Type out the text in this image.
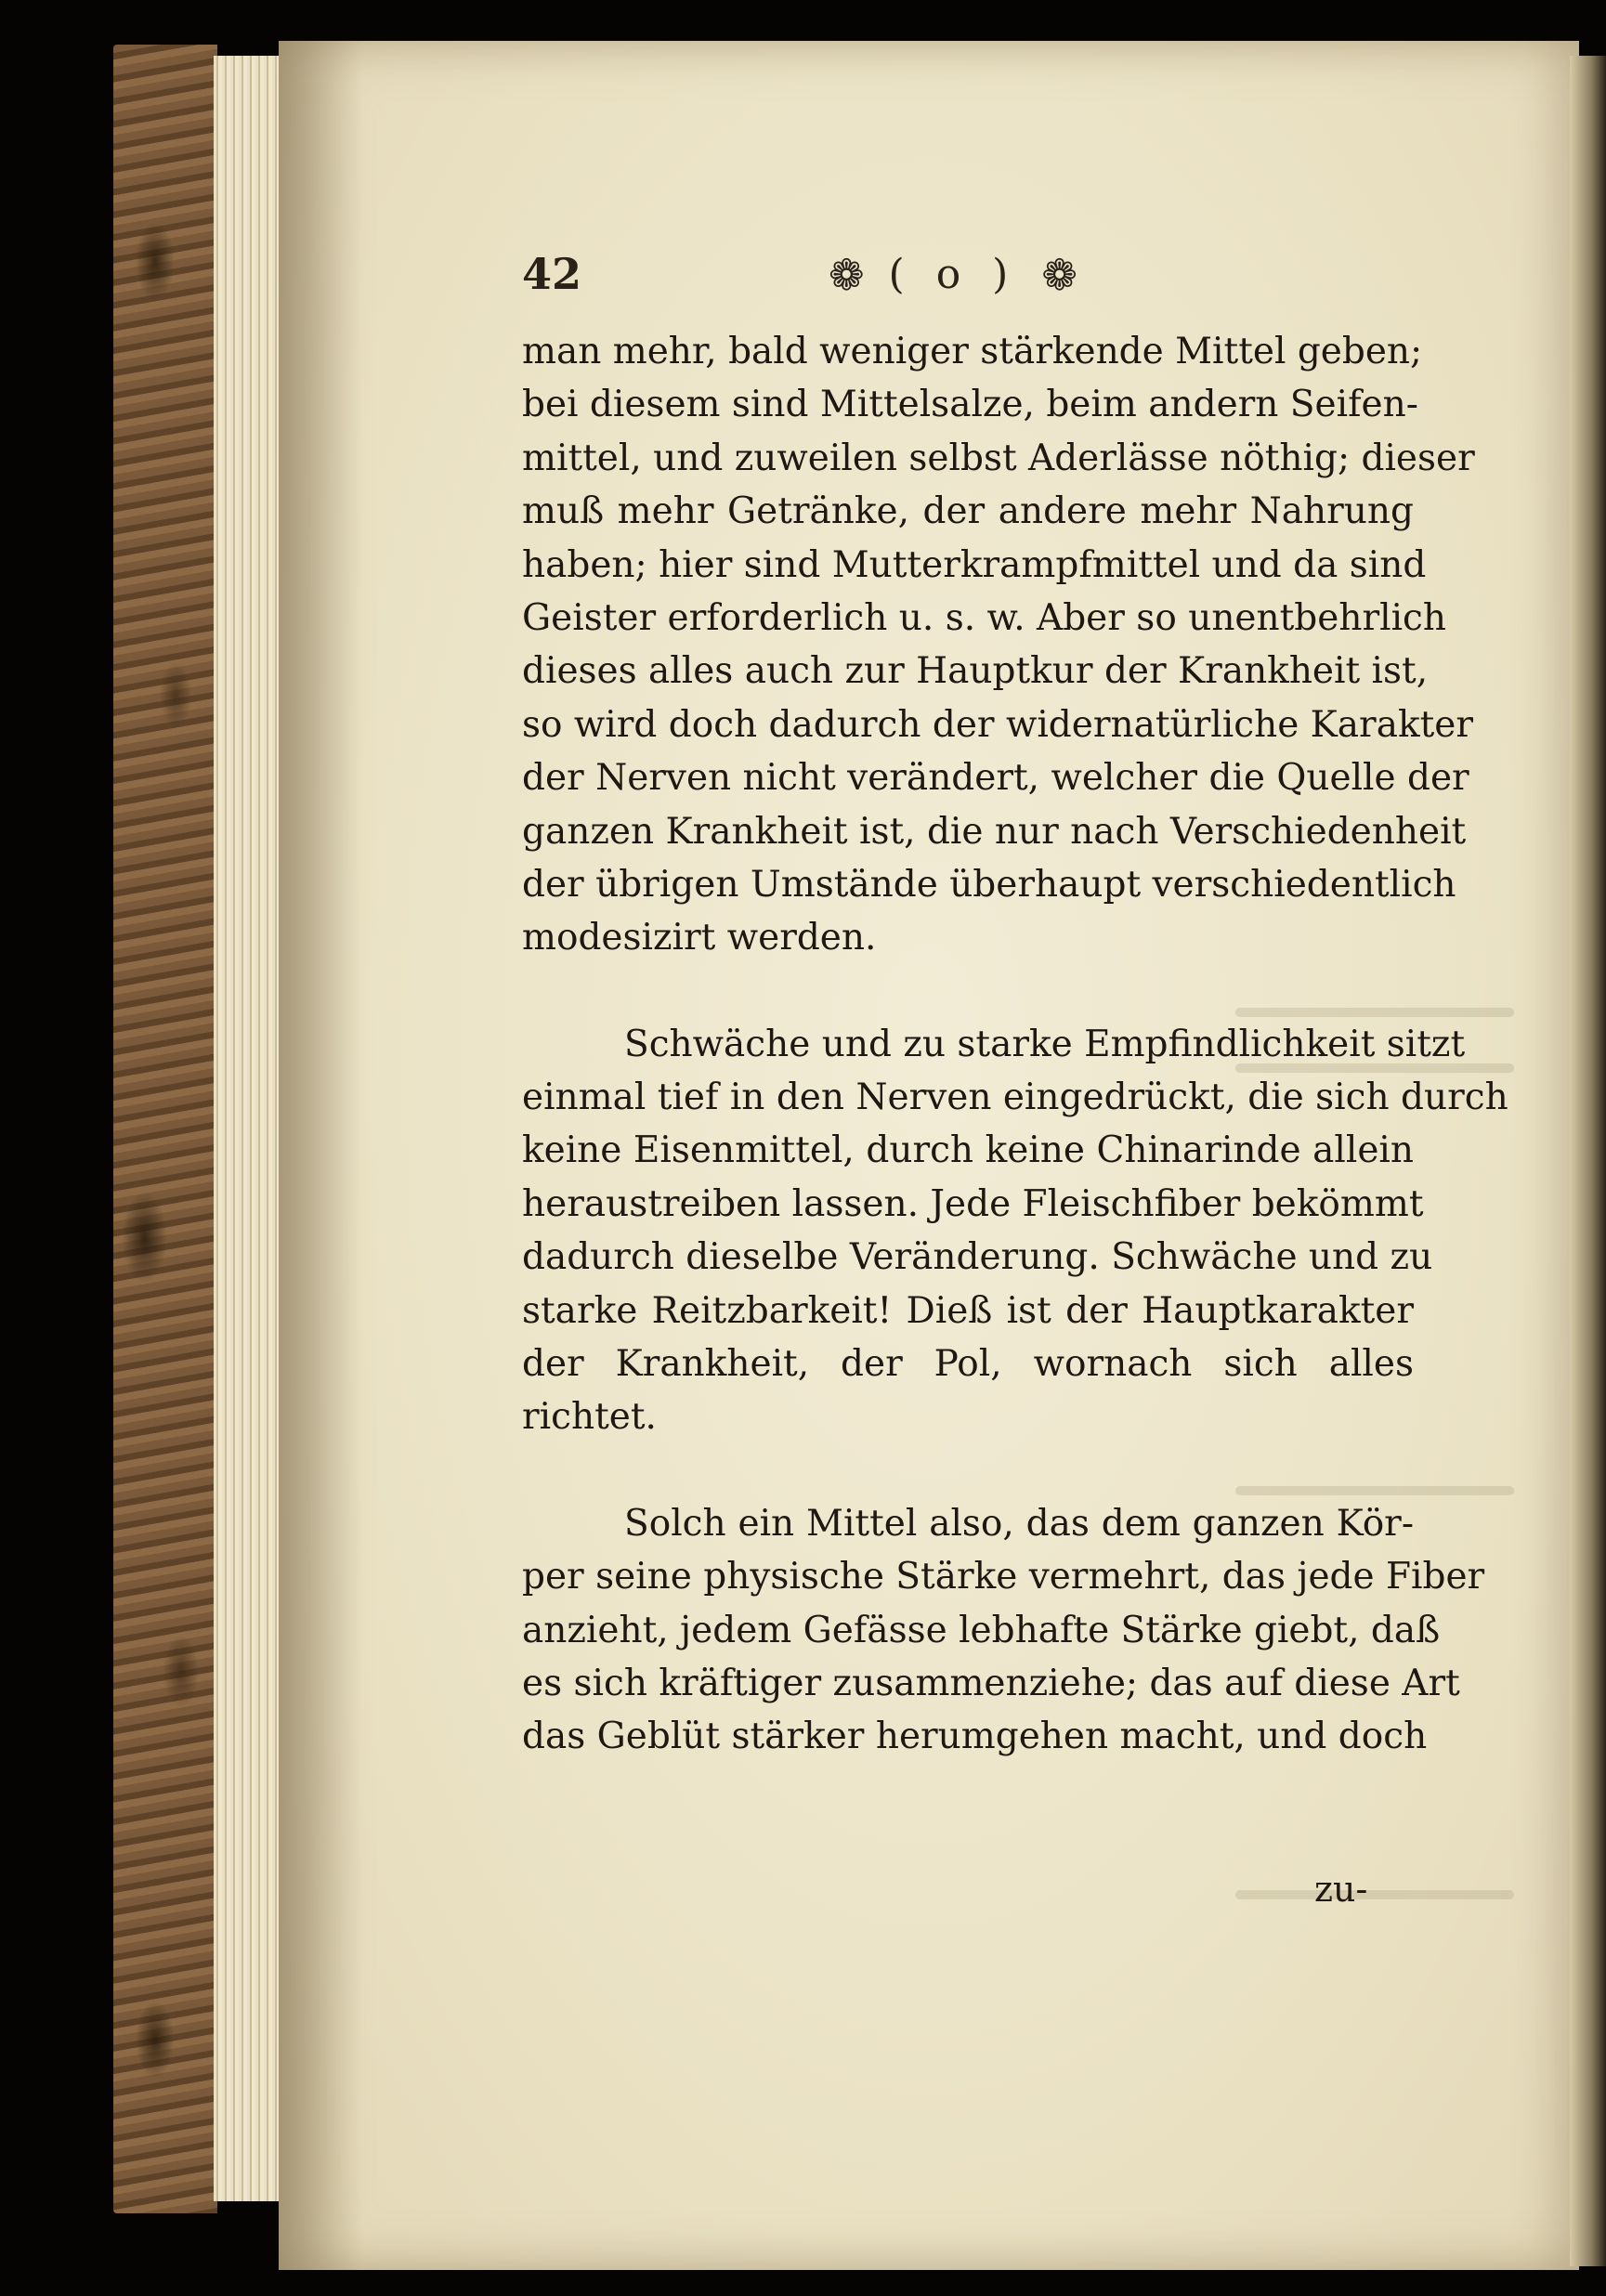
42	❁ ( o ) ❁
man mehr, bald weniger stärkende Mittel geben;
bei diesem sind Mittelsalze, beim andern Seifen-
mittel, und zuweilen selbst Aderlässe nöthig; dieser
muß mehr Getränke, der andere mehr Nahrung
haben; hier sind Mutterkrampfmittel und da sind
Geister erforderlich u. s. w. Aber so unentbehrlich
dieses alles auch zur Hauptkur der Krankheit ist,
so wird doch dadurch der widernatürliche Karakter
der Nerven nicht verändert, welcher die Quelle der
ganzen Krankheit ist, die nur nach Verschiedenheit
der übrigen Umstände überhaupt verschiedentlich
modesizirt werden.
Schwäche und zu starke Empfindlichkeit sitzt
einmal tief in den Nerven eingedrückt, die sich durch
keine Eisenmittel, durch keine Chinarinde allein
heraustreiben lassen. Jede Fleischfiber bekömmt
dadurch dieselbe Veränderung. Schwäche und zu
starke Reitzbarkeit! Dieß ist der Hauptkarakter
der Krankheit, der Pol, wornach sich alles
richtet.
Solch ein Mittel also, das dem ganzen Kör-
per seine physische Stärke vermehrt, das jede Fiber
anzieht, jedem Gefässe lebhafte Stärke giebt, daß
es sich kräftiger zusammenziehe; das auf diese Art
das Geblüt stärker herumgehen macht, und doch
zu-
